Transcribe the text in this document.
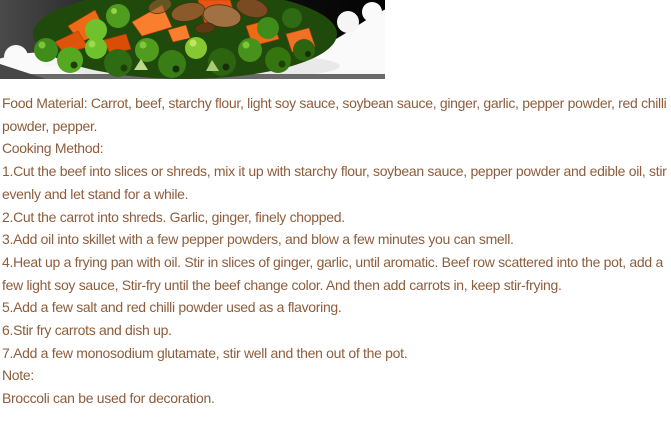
Food Material: Carrot, beef, starchy flour, light soy sauce, soybean sauce, ginger, garlic, pepper powder, red chilli powder, pepper.

Cooking Method:

1.Cut the beef into slices or shreds, mix it up with starchy flour, soybean sauce, pepper powder and edible oil, stir evenly and let stand for a while.

2.Cut the carrot into shreds. Garlic, ginger, finely chopped.

3.Add oil into skillet with a few pepper powders, and blow a few minutes you can smell.

4.Heat up a frying pan with oil. Stir in slices of ginger, garlic, until aromatic. Beef row scattered into the pot, add a few light soy sauce, Stir-fry until the beef change color. And then add carrots in, keep stir-frying.

5.Add a few salt and red chilli powder used as a flavoring.

6.Stir fry carrots and dish up.

7.Add a few monosodium glutamate, stir well and then out of the pot.

Note:

Broccoli can be used for decoration.
